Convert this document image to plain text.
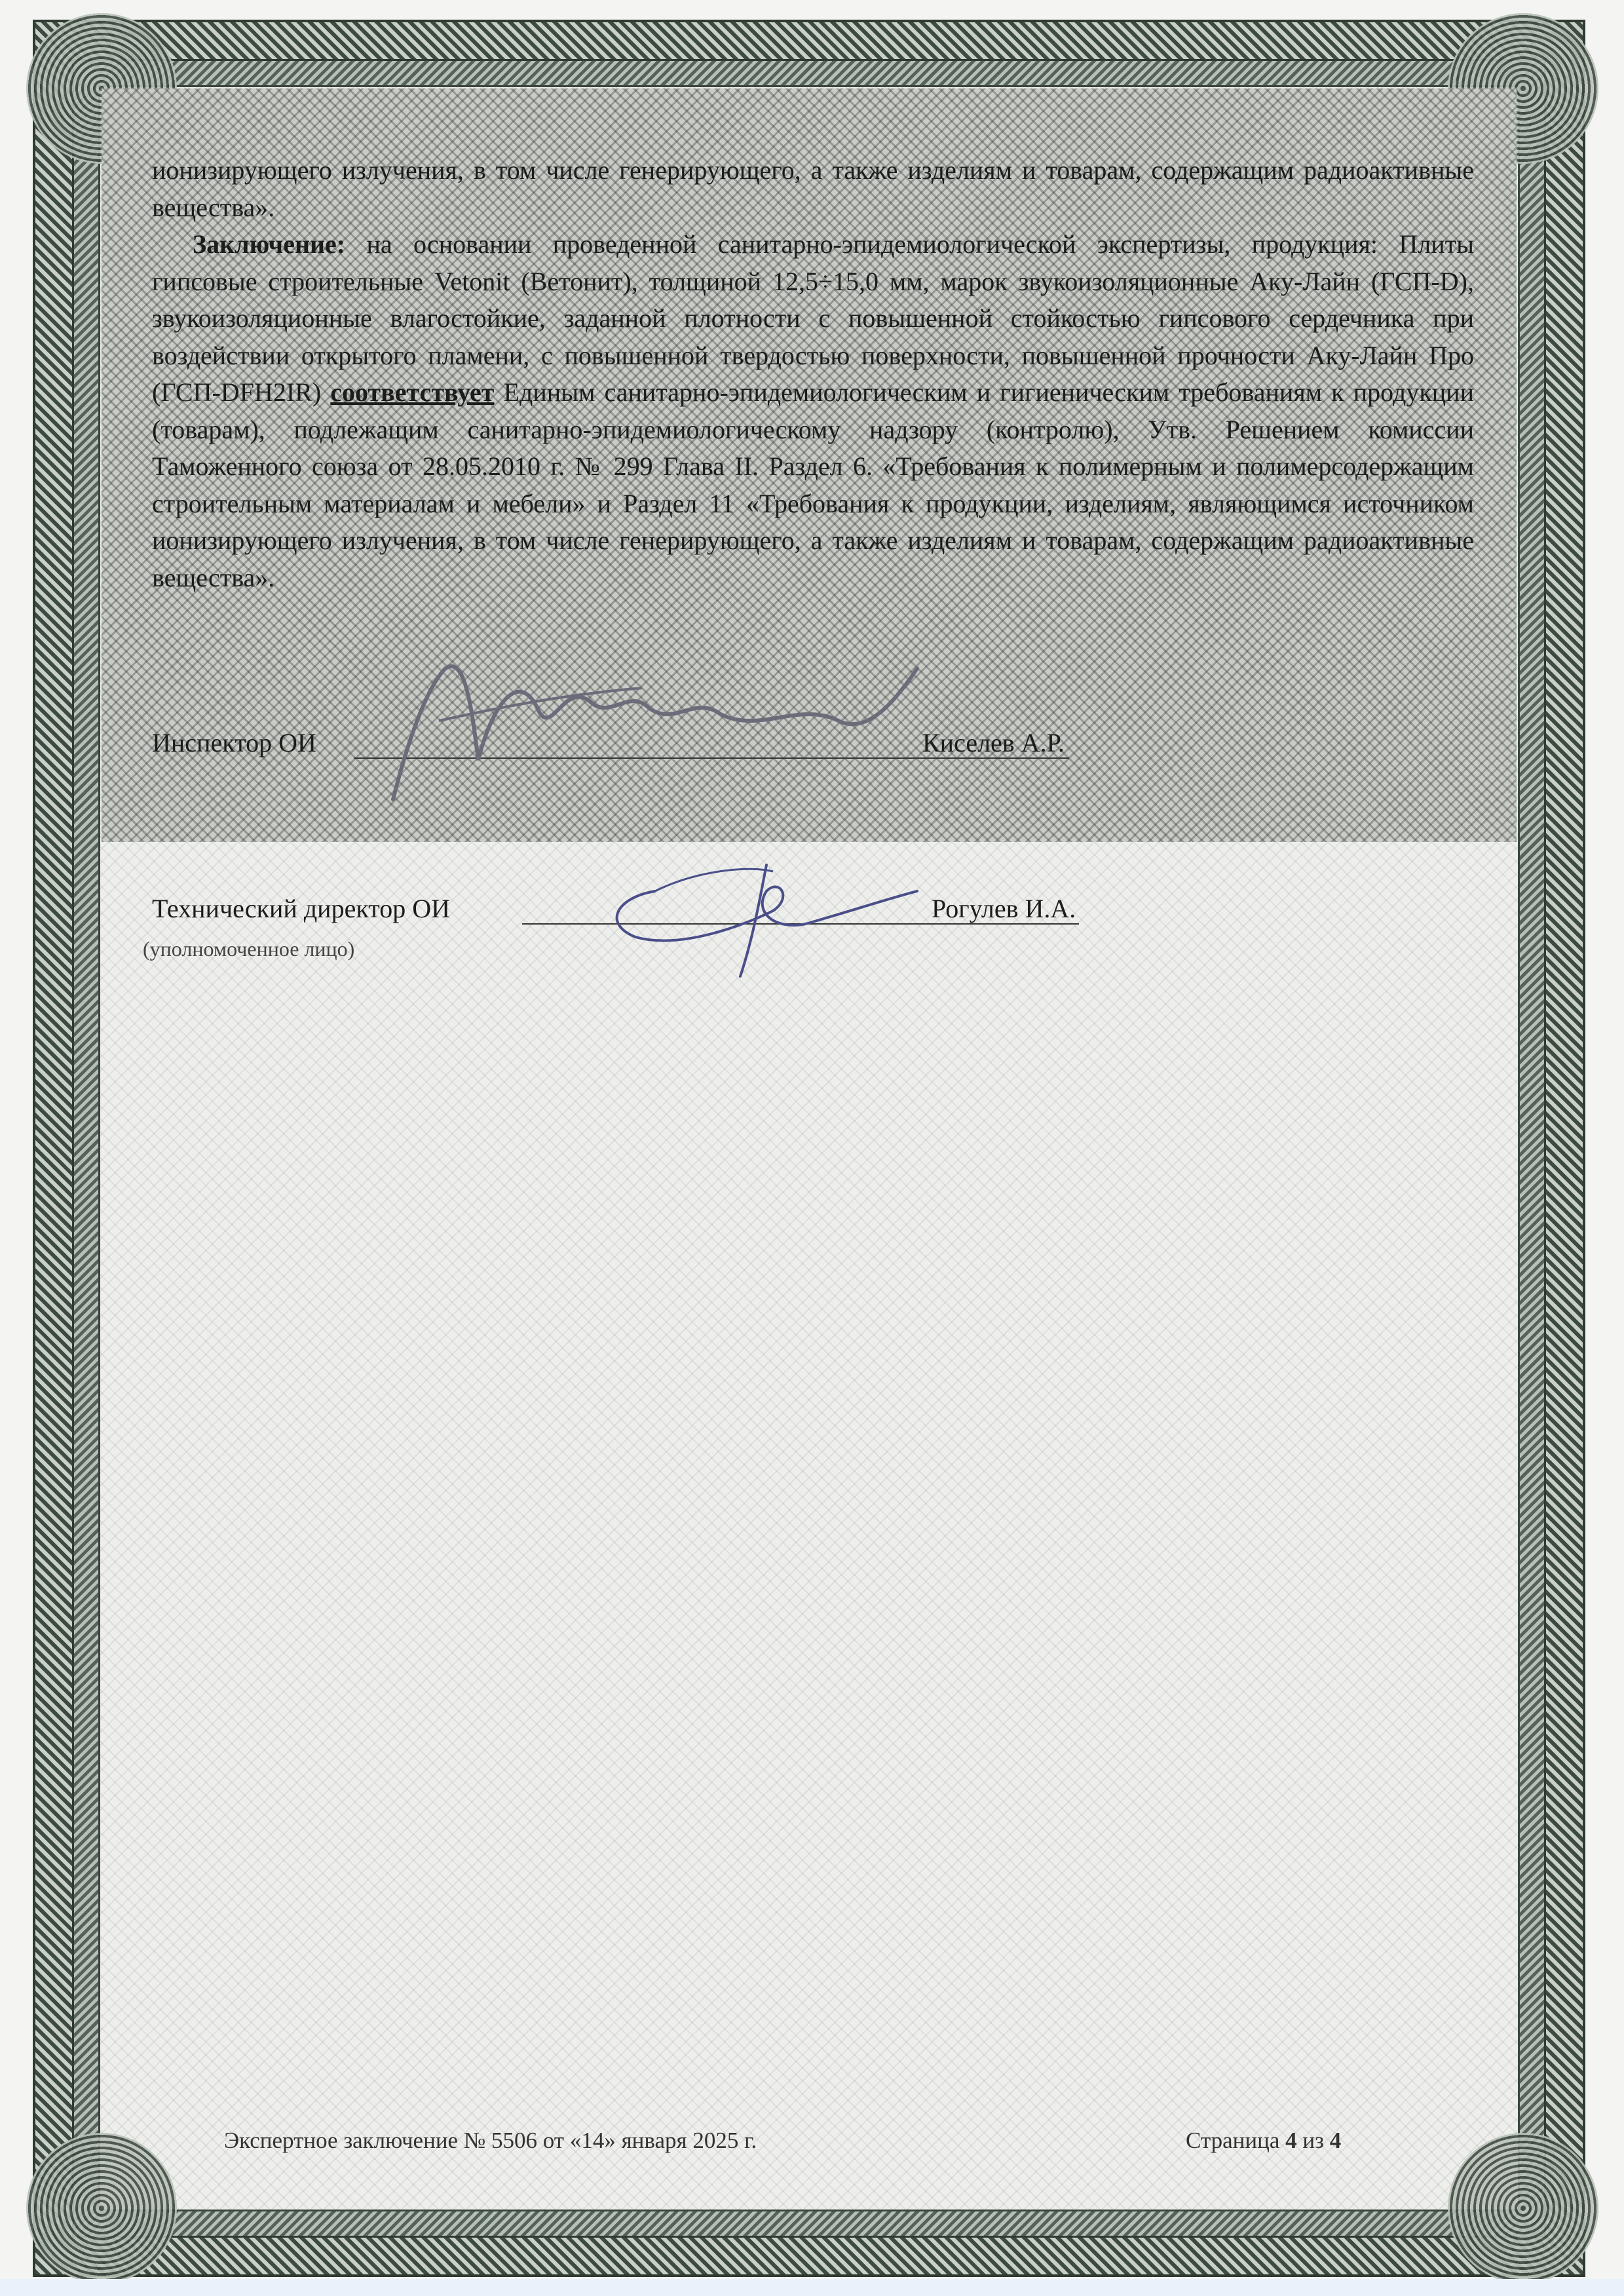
ионизирующего излучения, в том числе генерирующего, а также изделиям и товарам, содержащим радиоактивные вещества».

Заключение: на основании проведенной санитарно-эпидемиологической экспертизы, продукция: Плиты гипсовые строительные Vetonit (Ветонит), толщиной 12,5÷15,0 мм, марок звукоизоляционные Аку-Лайн (ГСП-D), звукоизоляционные влагостойкие, заданной плотности с повышенной стойкостью гипсового сердечника при воздействии открытого пламени, с повышенной твердостью поверхности, повышенной прочности Аку-Лайн Про (ГСП-DFH2IR) соответствует Единым санитарно-эпидемиологическим и гигиеническим требованиям к продукции (товарам), подлежащим санитарно-эпидемиологическому надзору (контролю), Утв. Решением комиссии Таможенного союза от 28.05.2010 г. № 299 Глава II. Раздел 6. «Требования к полимерным и полимерсодержащим строительным материалам и мебели» и Раздел 11 «Требования к продукции, изделиям, являющимся источником ионизирующего излучения, в том числе генерирующего, а также изделиям и товарам, содержащим радиоактивные вещества».

Инспектор ОИ	Киселев А.Р.
Технический директор ОИ	Рогулев И.А.
(уполномоченное лицо)
Экспертное заключение № 5506 от «14» января 2025 г.	Страница 4 из 4
